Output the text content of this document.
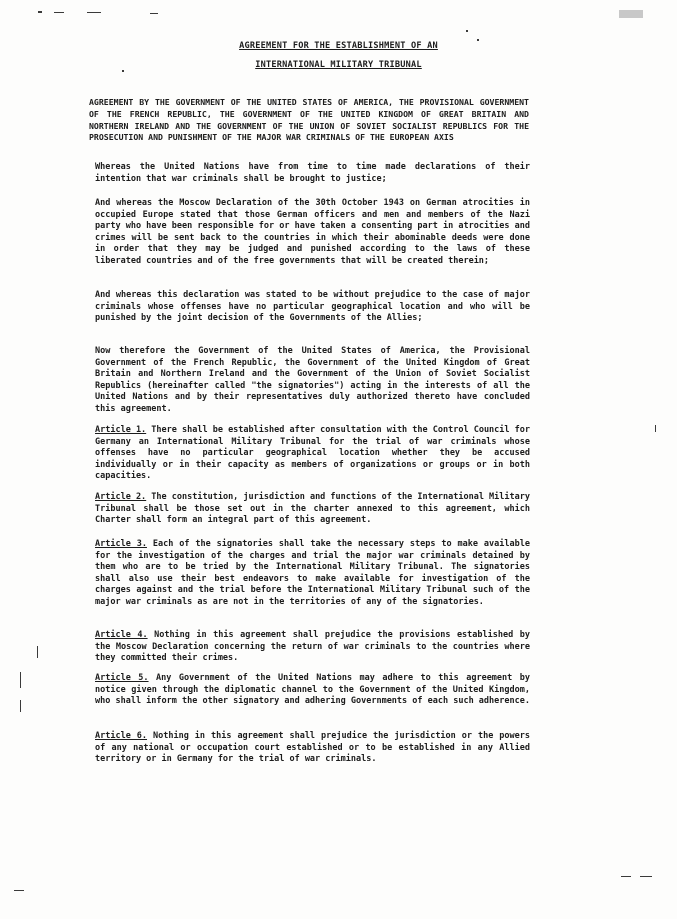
AGREEMENT FOR THE ESTABLISHMENT OF AN
INTERNATIONAL MILITARY TRIBUNAL
AGREEMENT BY THE GOVERNMENT OF THE UNITED STATES OF AMERICA, THE PROVISIONAL GOVERNMENT OF THE FRENCH REPUBLIC, THE GOVERNMENT OF THE UNITED KINGDOM OF GREAT BRITAIN AND NORTHERN IRELAND AND THE GOVERNMENT OF THE UNION OF SOVIET SOCIALIST REPUBLICS FOR THE PROSECUTION AND PUNISHMENT OF THE MAJOR WAR CRIMINALS OF THE EUROPEAN AXIS

Whereas the United Nations have from time to time made declarations of their intention that war criminals shall be brought to justice;

And whereas the Moscow Declaration of the 30th October 1943 on German atrocities in occupied Europe stated that those German officers and men and members of the Nazi party who have been responsible for or have taken a consenting part in atrocities and crimes will be sent back to the countries in which their abominable deeds were done in order that they may be judged and punished according to the laws of these liberated countries and of the free governments that will be created therein;

And whereas this declaration was stated to be without prejudice to the case of major criminals whose offenses have no particular geographical location and who will be punished by the joint decision of the Governments of the Allies;

Now therefore the Government of the United States of America, the Provisional Government of the French Republic, the Government of the United Kingdom of Great Britain and Northern Ireland and the Government of the Union of Soviet Socialist Republics (hereinafter called "the signatories") acting in the interests of all the United Nations and by their representatives duly authorized thereto have concluded this agreement.

Article 1. There shall be established after consultation with the Control Council for Germany an International Military Tribunal for the trial of war criminals whose offenses have no particular geographical location whether they be accused individually or in their capacity as members of organizations or groups or in both capacities.

Article 2. The constitution, jurisdiction and functions of the International Military Tribunal shall be those set out in the charter annexed to this agreement, which Charter shall form an integral part of this agreement.

Article 3. Each of the signatories shall take the necessary steps to make available for the investigation of the charges and trial the major war criminals detained by them who are to be tried by the International Military Tribunal. The signatories shall also use their best endeavors to make available for investigation of the charges against and the trial before the International Military Tribunal such of the major war criminals as are not in the territories of any of the signatories.

Article 4. Nothing in this agreement shall prejudice the provisions established by the Moscow Declaration concerning the return of war criminals to the countries where they committed their crimes.

Article 5. Any Government of the United Nations may adhere to this agreement by notice given through the diplomatic channel to the Government of the United Kingdom, who shall inform the other signatory and adhering Governments of each such adherence.

Article 6. Nothing in this agreement shall prejudice the jurisdiction or the powers of any national or occupation court established or to be established in any Allied territory or in Germany for the trial of war criminals.
